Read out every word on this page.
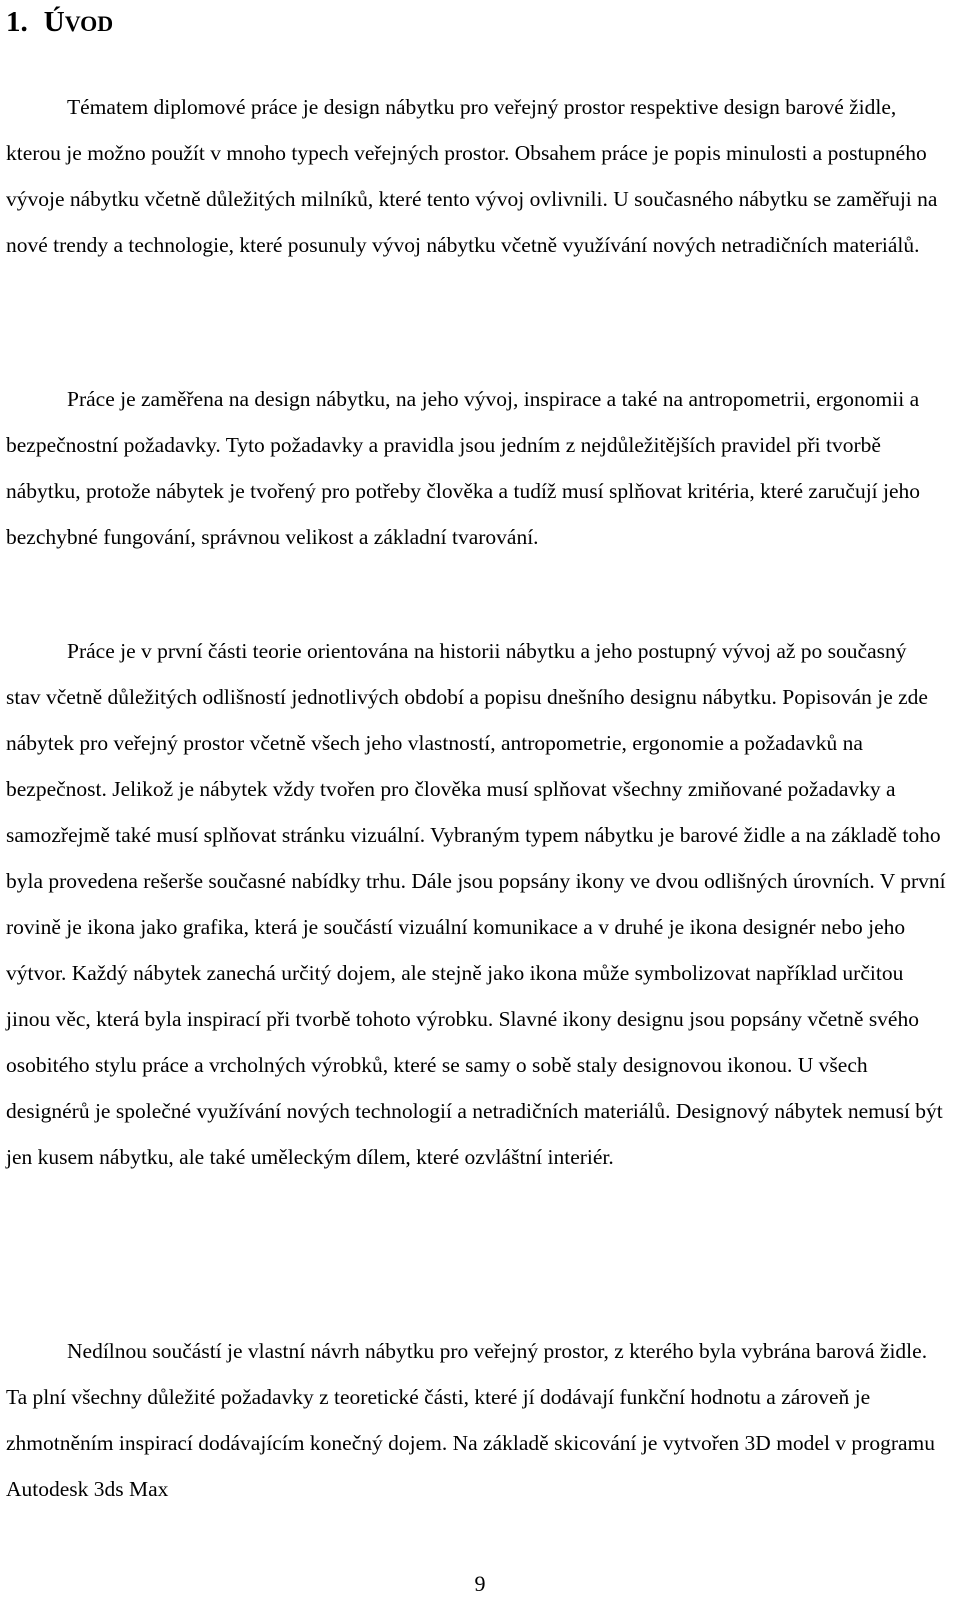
1. ÚVOD

Tématem diplomové práce je design nábytku pro veřejný prostor respektive design barové židle, kterou je možno použít v mnoho typech veřejných prostor. Obsahem práce je popis minulosti a postupného vývoje nábytku včetně důležitých milníků, které tento vývoj ovlivnili. U současného nábytku se zaměřuji na nové trendy a technologie, které posunuly vývoj nábytku včetně využívání nových netradičních materiálů.

Práce je zaměřena na design nábytku, na jeho vývoj, inspirace a také na antropometrii, ergonomii a bezpečnostní požadavky. Tyto požadavky a pravidla jsou jedním z nejdůležitějších pravidel při tvorbě nábytku, protože nábytek je tvořený pro potřeby člověka a tudíž musí splňovat kritéria, které zaručují jeho bezchybné fungování, správnou velikost a základní tvarování.

Práce je v první části teorie orientována na historii nábytku a jeho postupný vývoj až po současný stav včetně důležitých odlišností jednotlivých období a popisu dnešního designu nábytku. Popisován je zde nábytek pro veřejný prostor včetně všech jeho vlastností, antropometrie, ergonomie a požadavků na bezpečnost. Jelikož je nábytek vždy tvořen pro člověka musí splňovat všechny zmiňované požadavky a samozřejmě také musí splňovat stránku vizuální. Vybraným typem nábytku je barové židle a na základě toho byla provedena rešerše současné nabídky trhu. Dále jsou popsány ikony ve dvou odlišných úrovních. V první rovině je ikona jako grafika, která je součástí vizuální komunikace a v druhé je ikona designér nebo jeho výtvor. Každý nábytek zanechá určitý dojem, ale stejně jako ikona může symbolizovat například určitou jinou věc, která byla inspirací při tvorbě tohoto výrobku. Slavné ikony designu jsou popsány včetně svého osobitého stylu práce a vrcholných výrobků, které se samy o sobě staly designovou ikonou. U všech designérů je společné využívání nových technologií a netradičních materiálů. Designový nábytek nemusí být jen kusem nábytku, ale také uměleckým dílem, které ozvláštní interiér.

Nedílnou součástí je vlastní návrh nábytku pro veřejný prostor, z kterého byla vybrána barová židle. Ta plní všechny důležité požadavky z teoretické části, které jí dodávají funkční hodnotu a zároveň je zhmotněním inspirací dodávajícím konečný dojem. Na základě skicování je vytvořen 3D model v programu Autodesk 3ds Max

9
